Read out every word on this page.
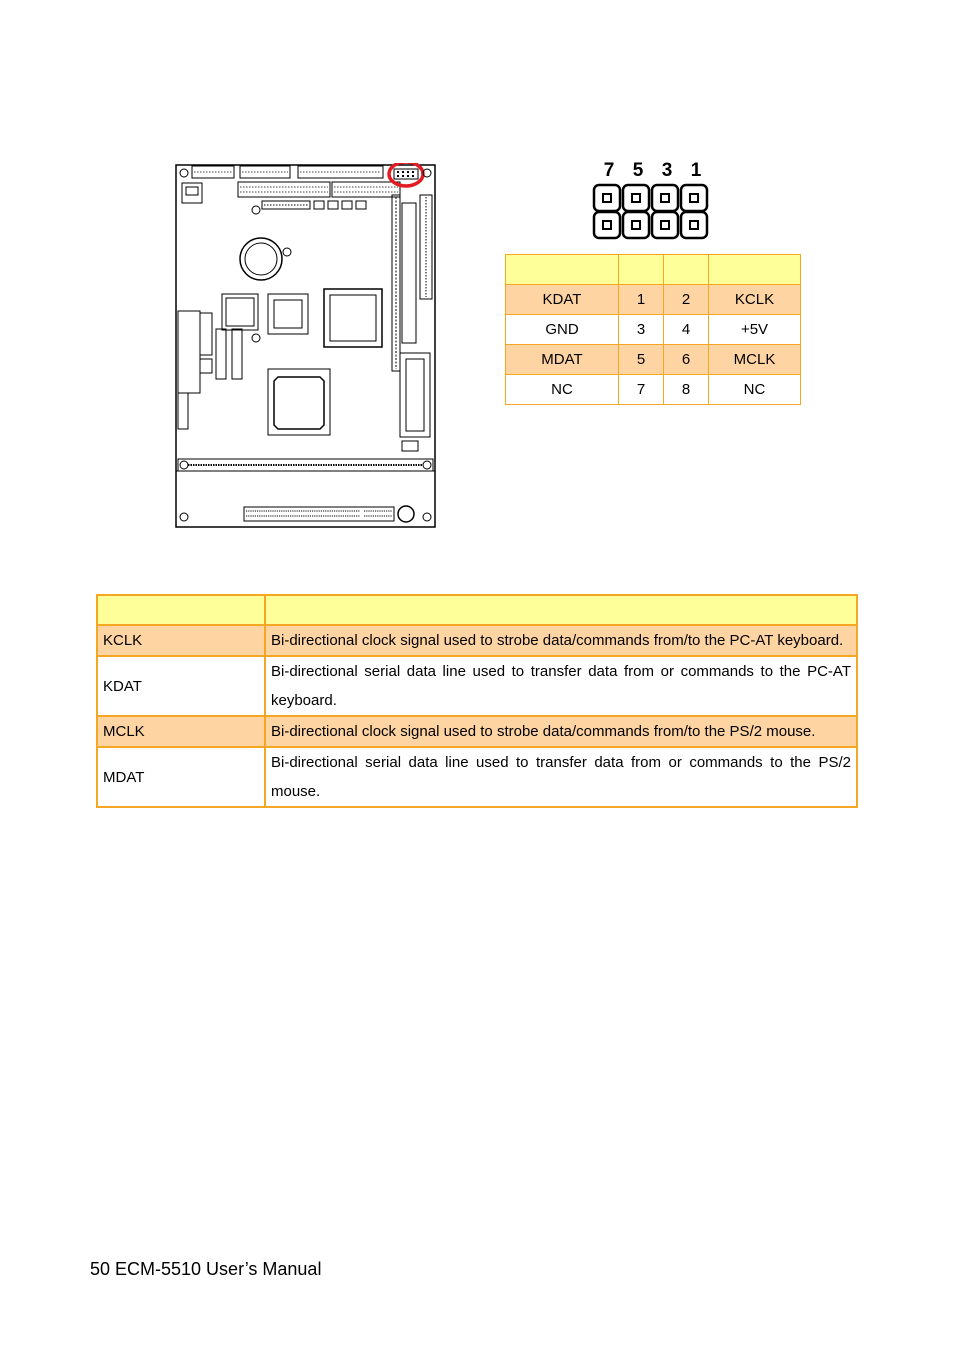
7 5 3 1

KDAT	1	2	KCLK
GND	3	4	+5V
MDAT	5	6	MCLK
NC	7	8	NC

KCLK	Bi-directional clock signal used to strobe data/commands from/to the PC-AT keyboard.
KDAT	Bi-directional serial data line used to transfer data from or commands to the PC-AT keyboard.
MCLK	Bi-directional clock signal used to strobe data/commands from/to the PS/2 mouse.
MDAT	Bi-directional serial data line used to transfer data from or commands to the PS/2 mouse.
50 ECM-5510 User’s Manual
